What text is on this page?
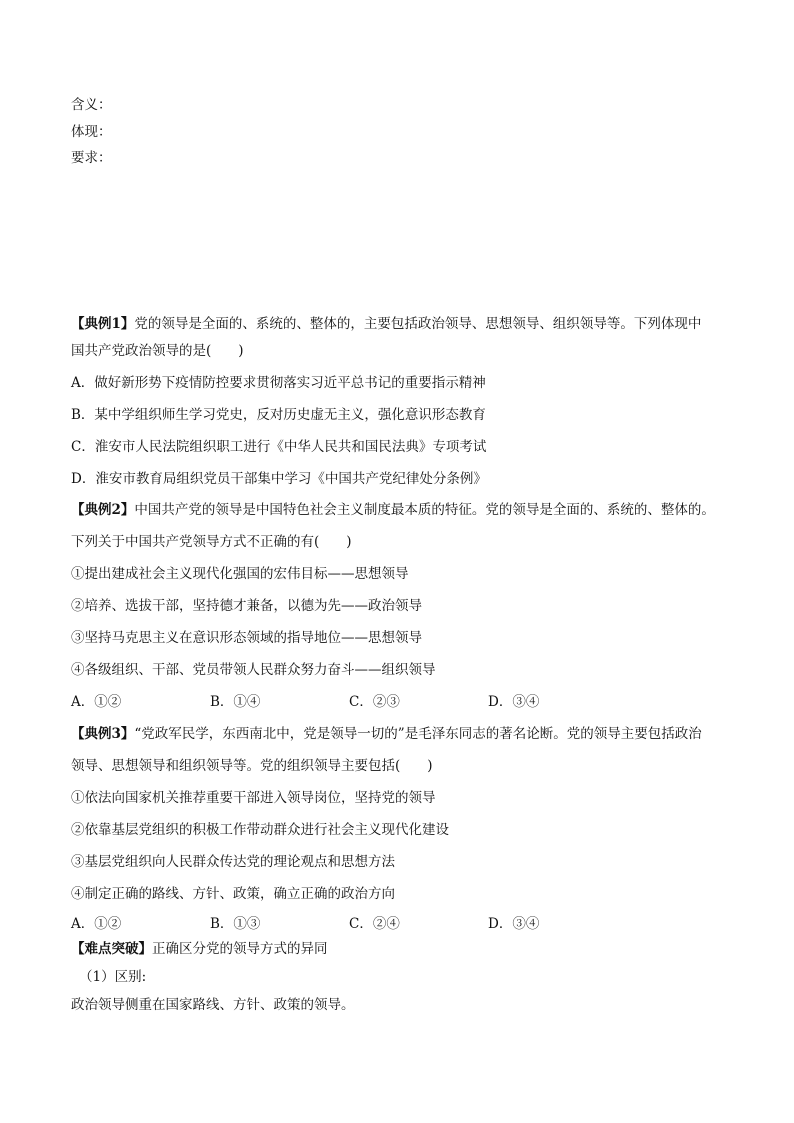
含义：
体现：
要求：
【典例1】党的领导是全面的、系统的、整体的，主要包括政治领导、思想领导、组织领导等。下列体现中
国共产党政治领导的是(　　)
A．做好新形势下疫情防控要求贯彻落实习近平总书记的重要指示精神
B．某中学组织师生学习党史，反对历史虚无主义，强化意识形态教育
C．淮安市人民法院组织职工进行《中华人民共和国民法典》专项考试
D．淮安市教育局组织党员干部集中学习《中国共产党纪律处分条例》
【典例2】中国共产党的领导是中国特色社会主义制度最本质的特征。党的领导是全面的、系统的、整体的。
下列关于中国共产党领导方式不正确的有(　　)
①提出建成社会主义现代化强国的宏伟目标——思想领导
②培养、选拔干部，坚持德才兼备，以德为先——政治领导
③坚持马克思主义在意识形态领域的指导地位——思想领导
④各级组织、干部、党员带领人民群众努力奋斗——组织领导
A．①②	B．①④	C．②③	D．③④
【典例3】“党政军民学，东西南北中，党是领导一切的”是毛泽东同志的著名论断。党的领导主要包括政治
领导、思想领导和组织领导等。党的组织领导主要包括(　　)
①依法向国家机关推荐重要干部进入领导岗位，坚持党的领导
②依靠基层党组织的积极工作带动群众进行社会主义现代化建设
③基层党组织向人民群众传达党的理论观点和思想方法
④制定正确的路线、方针、政策，确立正确的政治方向
A．①②	B．①③	C．②④	D．③④
【难点突破】正确区分党的领导方式的异同
（1）区别:
政治领导侧重在国家路线、方针、政策的领导。
